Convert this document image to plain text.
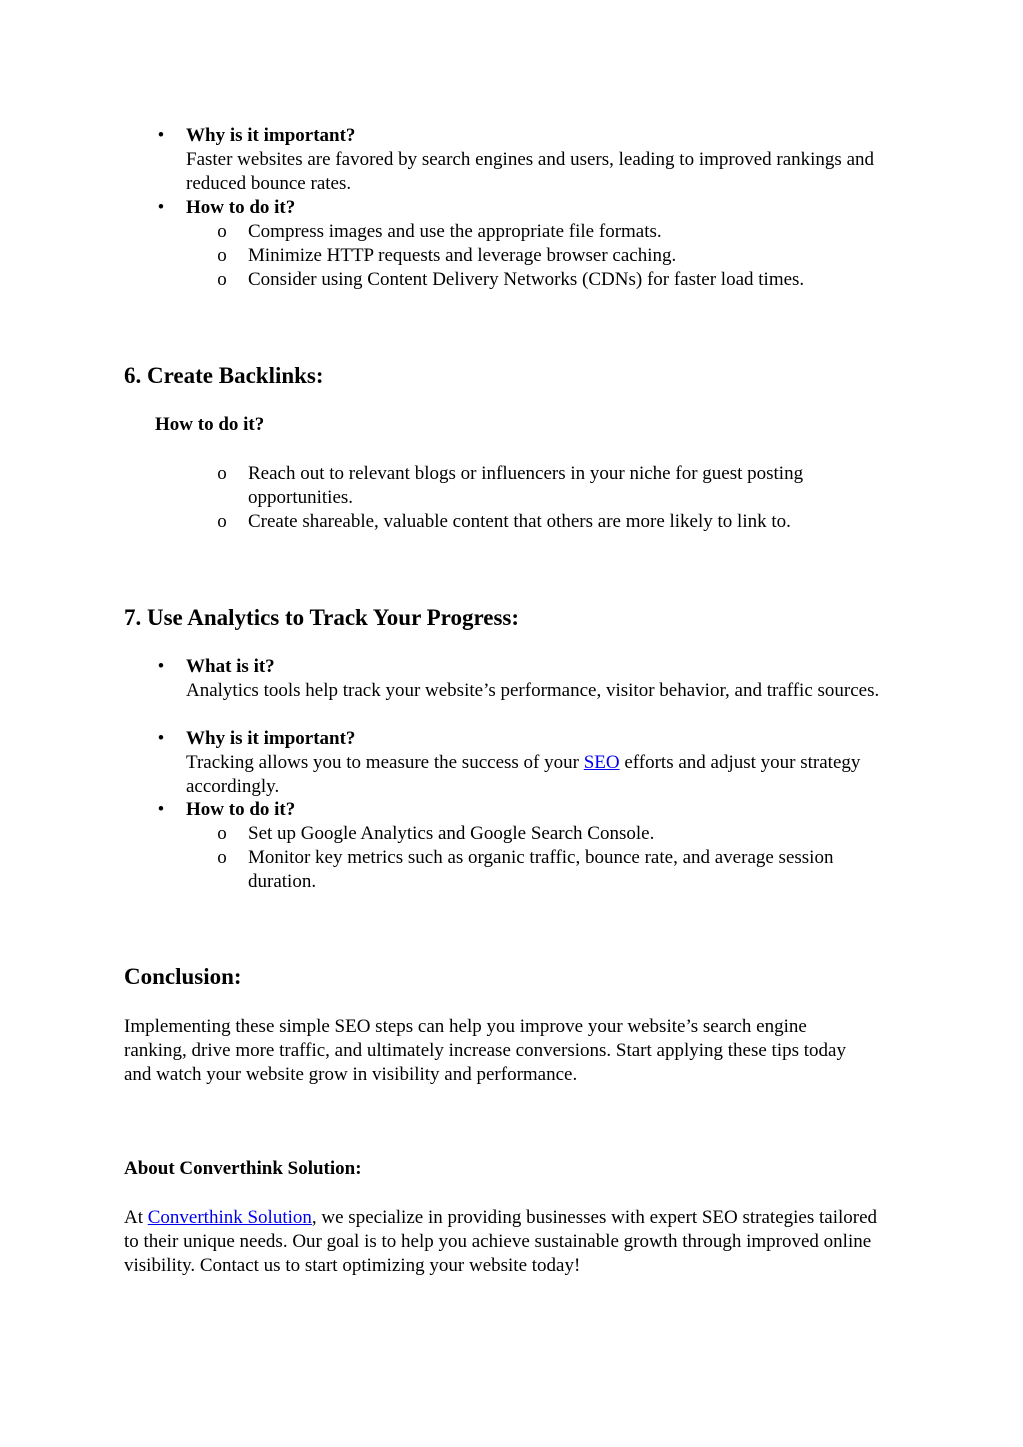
• Why is it important?
Faster websites are favored by search engines and users, leading to improved rankings and reduced bounce rates.
• How to do it?
o Compress images and use the appropriate file formats.
o Minimize HTTP requests and leverage browser caching.
o Consider using Content Delivery Networks (CDNs) for faster load times.
6. Create Backlinks:
How to do it?
o Reach out to relevant blogs or influencers in your niche for guest posting opportunities.
o Create shareable, valuable content that others are more likely to link to.
7. Use Analytics to Track Your Progress:
• What is it?
Analytics tools help track your website’s performance, visitor behavior, and traffic sources.
• Why is it important?
Tracking allows you to measure the success of your SEO efforts and adjust your strategy accordingly.
• How to do it?
o Set up Google Analytics and Google Search Console.
o Monitor key metrics such as organic traffic, bounce rate, and average session duration.
Conclusion:

Implementing these simple SEO steps can help you improve your website’s search engine ranking, drive more traffic, and ultimately increase conversions. Start applying these tips today and watch your website grow in visibility and performance.

About Converthink Solution:

At Converthink Solution, we specialize in providing businesses with expert SEO strategies tailored to their unique needs. Our goal is to help you achieve sustainable growth through improved online visibility. Contact us to start optimizing your website today!
